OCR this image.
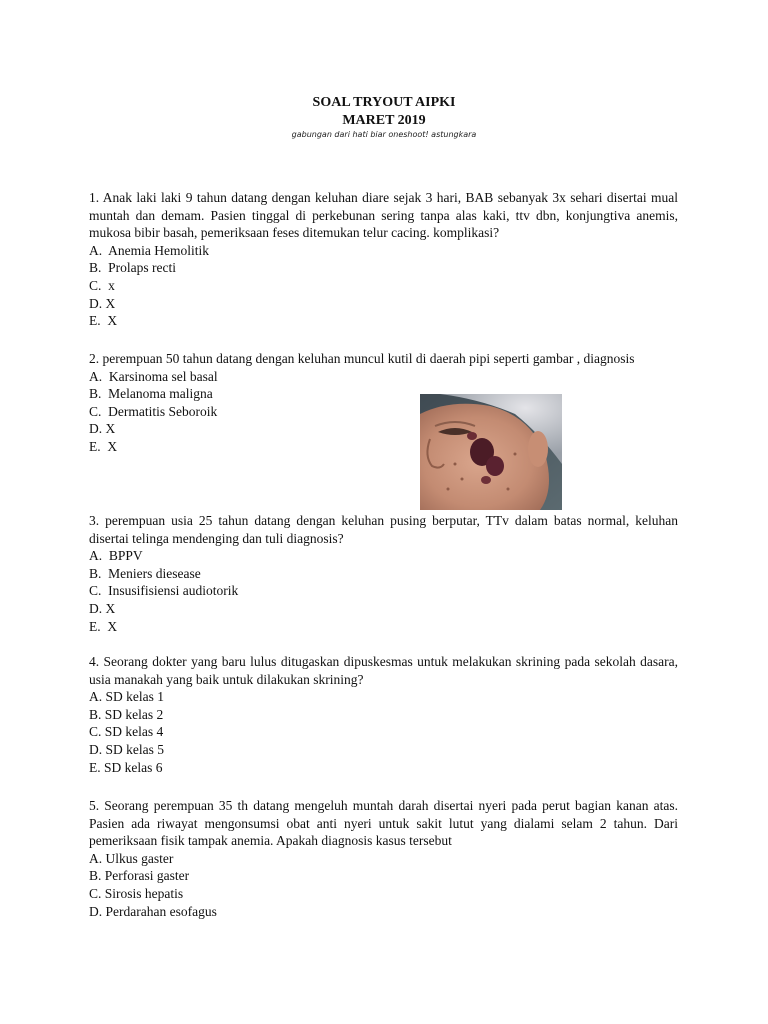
SOAL TRYOUT AIPKI
MARET 2019
gabungan dari hati biar oneshoot! astungkara
1. Anak laki laki 9 tahun datang dengan keluhan diare sejak 3 hari, BAB sebanyak 3x sehari disertai mual muntah dan demam. Pasien tinggal di perkebunan sering tanpa alas kaki, ttv dbn, konjungtiva anemis, mukosa bibir basah, pemeriksaan feses ditemukan telur cacing. komplikasi?
A.  Anemia Hemolitik
B.  Prolaps recti
C.  x
D. X
E.  X
2. perempuan 50 tahun datang dengan keluhan muncul kutil di daerah pipi seperti gambar , diagnosis
A.  Karsinoma sel basal
B.  Melanoma maligna
C.  Dermatitis Seboroik
D. X
E.  X
3. perempuan usia 25 tahun datang dengan keluhan pusing berputar, TTv dalam batas normal, keluhan disertai telinga mendenging dan tuli diagnosis?
A.  BPPV
B.  Meniers diesease
C.  Insusifisiensi audiotorik
D. X
E.  X
4. Seorang dokter yang baru lulus ditugaskan dipuskesmas untuk melakukan skrining pada sekolah dasara, usia manakah yang baik untuk dilakukan skrining?
A. SD kelas 1
B. SD kelas 2
C. SD kelas 4
D. SD kelas 5
E. SD kelas 6
5. Seorang perempuan 35 th datang mengeluh muntah darah disertai nyeri pada perut bagian kanan atas. Pasien ada riwayat mengonsumsi obat anti nyeri untuk sakit lutut yang dialami selam 2 tahun. Dari pemeriksaan fisik tampak anemia. Apakah diagnosis kasus tersebut
A. Ulkus gaster
B. Perforasi gaster
C. Sirosis hepatis
D. Perdarahan esofagus
